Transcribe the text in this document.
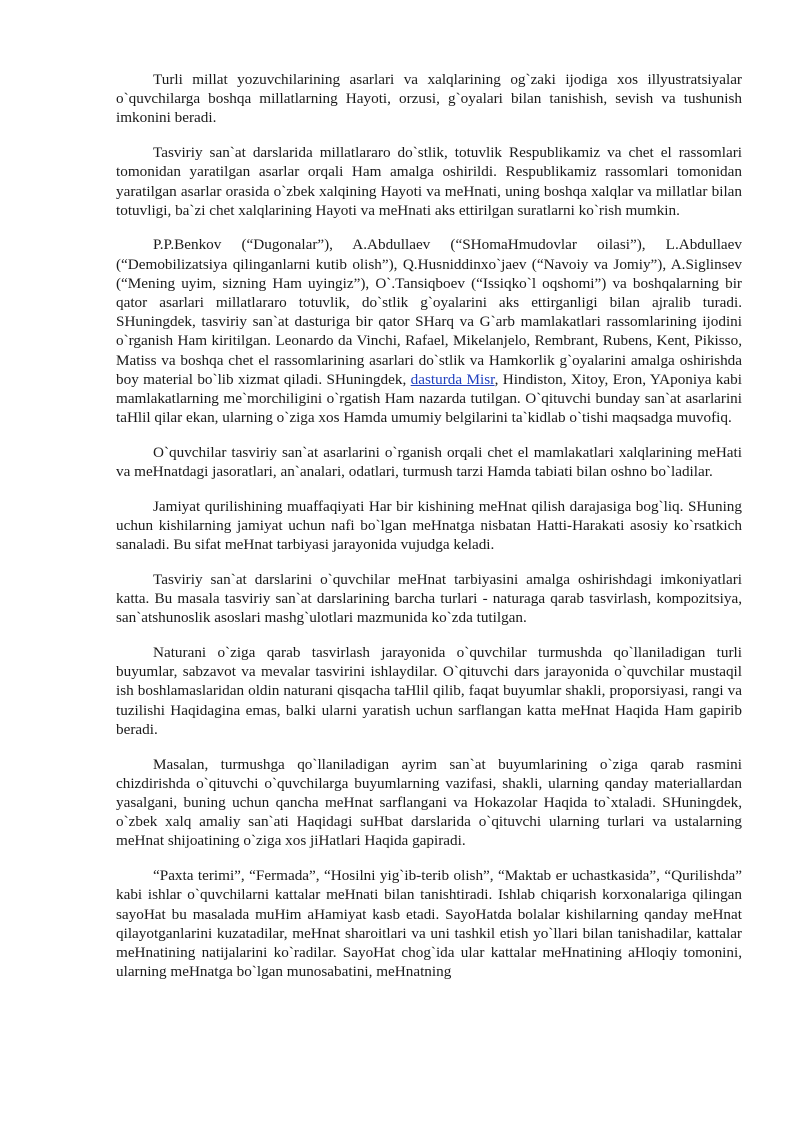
Turli millat yozuvchilarining asarlari va xalqlarining og`zaki ijodiga xos illyustratsiyalar o`quvchilarga boshqa millatlarning Hayoti, orzusi, g`oyalari bilan tanishish, sevish va tushunish imkonini beradi.

Tasviriy san`at darslarida millatlararo do`stlik, totuvlik Respublikamiz va chet el rassomlari tomonidan yaratilgan asarlar orqali Ham amalga oshirildi. Respublikamiz rassomlari tomonidan yaratilgan asarlar orasida o`zbek xalqining Hayoti va meHnati, uning boshqa xalqlar va millatlar bilan totuvligi, ba`zi chet xalqlarining Hayoti va meHnati aks ettirilgan suratlarni ko`rish mumkin.

P.P.Benkov (“Dugonalar”), A.Abdullaev (“SHomaHmudovlar oilasi”), L.Abdullaev (“Demobilizatsiya qilinganlarni kutib olish”), Q.Husniddinxo`jaev (“Navoiy va Jomiy”), A.Siglinsev (“Mening uyim, sizning Ham uyingiz”), O`.Tansiqboev (“Issiqko`l oqshomi”) va boshqalarning bir qator asarlari millatlararo totuvlik, do`stlik g`oyalarini aks ettirganligi bilan ajralib turadi. SHuningdek, tasviriy san`at dasturiga bir qator SHarq va G`arb mamlakatlari rassomlarining ijodini o`rganish Ham kiritilgan. Leonardo da Vinchi, Rafael, Mikelanjelo, Rembrant, Rubens, Kent, Pikisso, Matiss va boshqa chet el rassomlarining asarlari do`stlik va Hamkorlik g`oyalarini amalga oshirishda boy material bo`lib xizmat qiladi. SHuningdek, dasturda Misr, Hindiston, Xitoy, Eron, YAponiya kabi mamlakatlarning me`morchiligini o`rgatish Ham nazarda tutilgan. O`qituvchi bunday san`at asarlarini taHlil qilar ekan, ularning o`ziga xos Hamda umumiy belgilarini ta`kidlab o`tishi maqsadga muvofiq.

O`quvchilar tasviriy san`at asarlarini o`rganish orqali chet el mamlakatlari xalqlarining meHati va meHnatdagi jasoratlari, an`analari, odatlari, turmush tarzi Hamda tabiati bilan oshno bo`ladilar.

Jamiyat qurilishining muaffaqiyati Har bir kishining meHnat qilish darajasiga bog`liq. SHuning uchun kishilarning jamiyat uchun nafi bo`lgan meHnatga nisbatan Hatti-Harakati asosiy ko`rsatkich sanaladi. Bu sifat meHnat tarbiyasi jarayonida vujudga keladi.

Tasviriy san`at darslarini o`quvchilar meHnat tarbiyasini amalga oshirishdagi imkoniyatlari katta. Bu masala tasviriy san`at darslarining barcha turlari - naturaga qarab tasvirlash, kompozitsiya, san`atshunoslik asoslari mashg`ulotlari mazmunida ko`zda tutilgan.

Naturani o`ziga qarab tasvirlash jarayonida o`quvchilar turmushda qo`llaniladigan turli buyumlar, sabzavot va mevalar tasvirini ishlaydilar. O`qituvchi dars jarayonida o`quvchilar mustaqil ish boshlamaslaridan oldin naturani qisqacha taHlil qilib, faqat buyumlar shakli, proporsiyasi, rangi va tuzilishi Haqidagina emas, balki ularni yaratish uchun sarflangan katta meHnat Haqida Ham gapirib beradi.

Masalan, turmushga qo`llaniladigan ayrim san`at buyumlarining o`ziga qarab rasmini chizdirishda o`qituvchi o`quvchilarga buyumlarning vazifasi, shakli, ularning qanday materiallardan yasalgani, buning uchun qancha meHnat sarflangani va Hokazolar Haqida to`xtaladi. SHuningdek, o`zbek xalq amaliy san`ati Haqidagi suHbat darslarida o`qituvchi ularning turlari va ustalarning meHnat shijoatining o`ziga xos jiHatlari Haqida gapiradi.

“Paxta terimi”, “Fermada”, “Hosilni yig`ib-terib olish”, “Maktab er uchastkasida”, “Qurilishda” kabi ishlar o`quvchilarni kattalar meHnati bilan tanishtiradi. Ishlab chiqarish korxonalariga qilingan sayoHat bu masalada muHim aHamiyat kasb etadi. SayoHatda bolalar kishilarning qanday meHnat qilayotganlarini kuzatadilar, meHnat sharoitlari va uni tashkil etish yo`llari bilan tanishadilar, kattalar meHnatining natijalarini ko`radilar. SayoHat chog`ida ular kattalar meHnatining aHloqiy tomonini, ularning meHnatga bo`lgan munosabatini, meHnatning
